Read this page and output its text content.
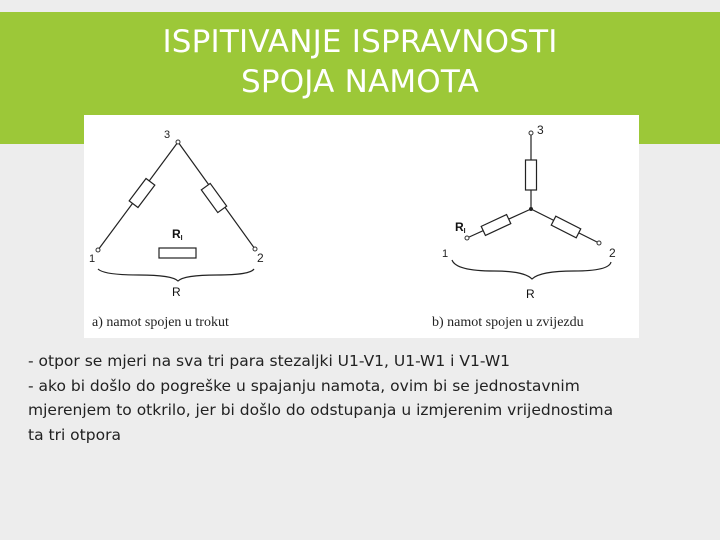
ISPITIVANJE ISPRAVNOSTI
SPOJA NAMOTA
3
1	2
RI
R
a) namot spojen u trokut
3
1	2
RI
R
b) namot spojen u zvijezdu

- otpor se mjeri na sva tri para stezaljki U1-V1, U1-W1 i V1-W1

- ako bi došlo do pogreške u spajanju namota, ovim bi se jednostavnim

mjerenjem to otkrilo, jer bi došlo do odstupanja u izmjerenim vrijednostima

ta tri otpora
